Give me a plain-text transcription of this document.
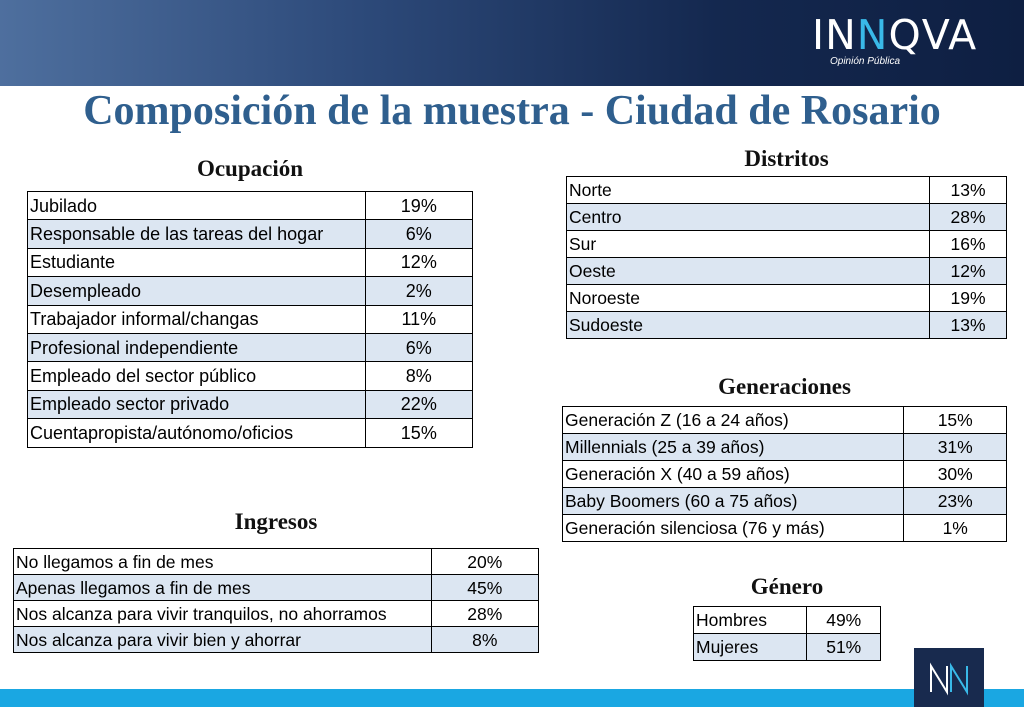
INNQVA
Opinión Pública
Composición de la muestra - Ciudad de Rosario
Ocupación
Jubilado	19%
Responsable de las tareas del hogar	6%
Estudiante	12%
Desempleado	2%
Trabajador informal/changas	11%
Profesional independiente	6%
Empleado del sector público	8%
Empleado sector privado	22%
Cuentapropista/autónomo/oficios	15%
Distritos
Norte	13%
Centro	28%
Sur	16%
Oeste	12%
Noroeste	19%
Sudoeste	13%
Generaciones
Generación Z (16 a 24 años)	15%
Millennials (25 a 39 años)	31%
Generación X (40 a 59 años)	30%
Baby Boomers (60 a 75 años)	23%
Generación silenciosa (76 y más)	1%
Ingresos
No llegamos a fin de mes	20%
Apenas llegamos a fin de mes	45%
Nos alcanza para vivir tranquilos, no ahorramos	28%
Nos alcanza para vivir bien y ahorrar	8%
Género
Hombres	49%
Mujeres	51%
